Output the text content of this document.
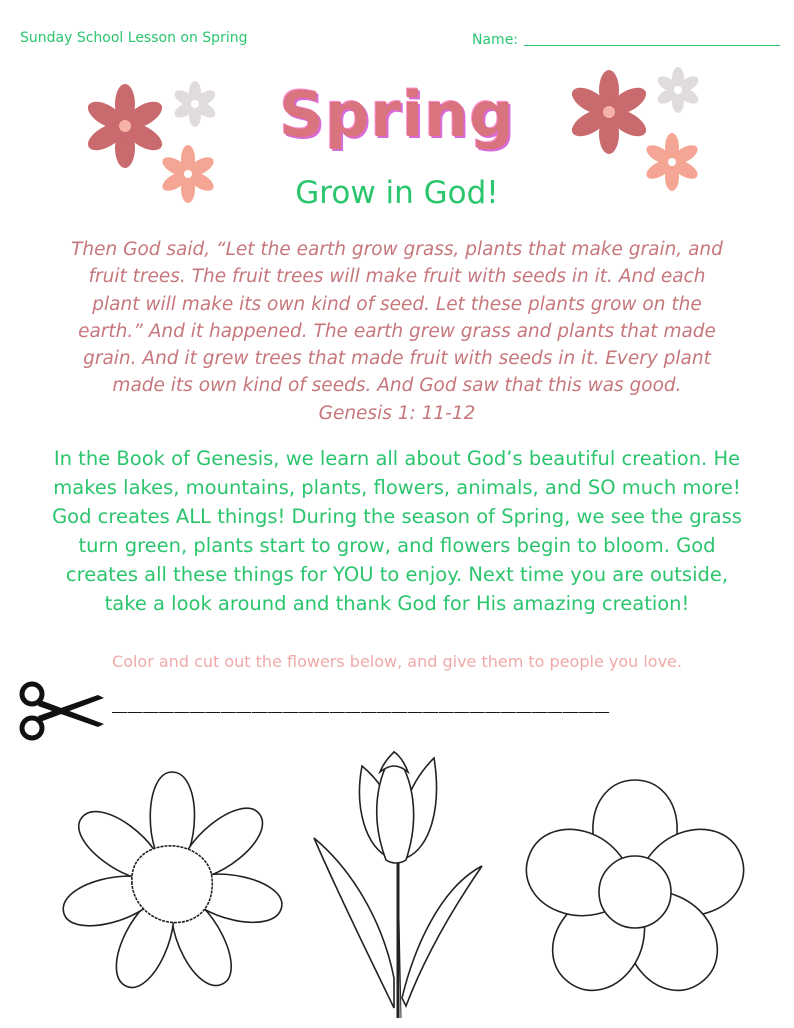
Sunday School Lesson on Spring	Name:
Spring
Grow in God!
Then God said, “Let the earth grow grass, plants that make grain, and
fruit trees. The fruit trees will make fruit with seeds in it. And each
plant will make its own kind of seed. Let these plants grow on the
earth.” And it happened. The earth grew grass and plants that made
grain. And it grew trees that made fruit with seeds in it. Every plant
made its own kind of seeds. And God saw that this was good.
Genesis 1: 11-12
In the Book of Genesis, we learn all about God’s beautiful creation. He
makes lakes, mountains, plants, flowers, animals, and SO much more!
God creates ALL things! During the season of Spring, we see the grass
turn green, plants start to grow, and flowers begin to bloom. God
creates all these things for YOU to enjoy. Next time you are outside,
take a look around and thank God for His amazing creation!
Color and cut out the flowers below, and give them to people you love.
________________________________
